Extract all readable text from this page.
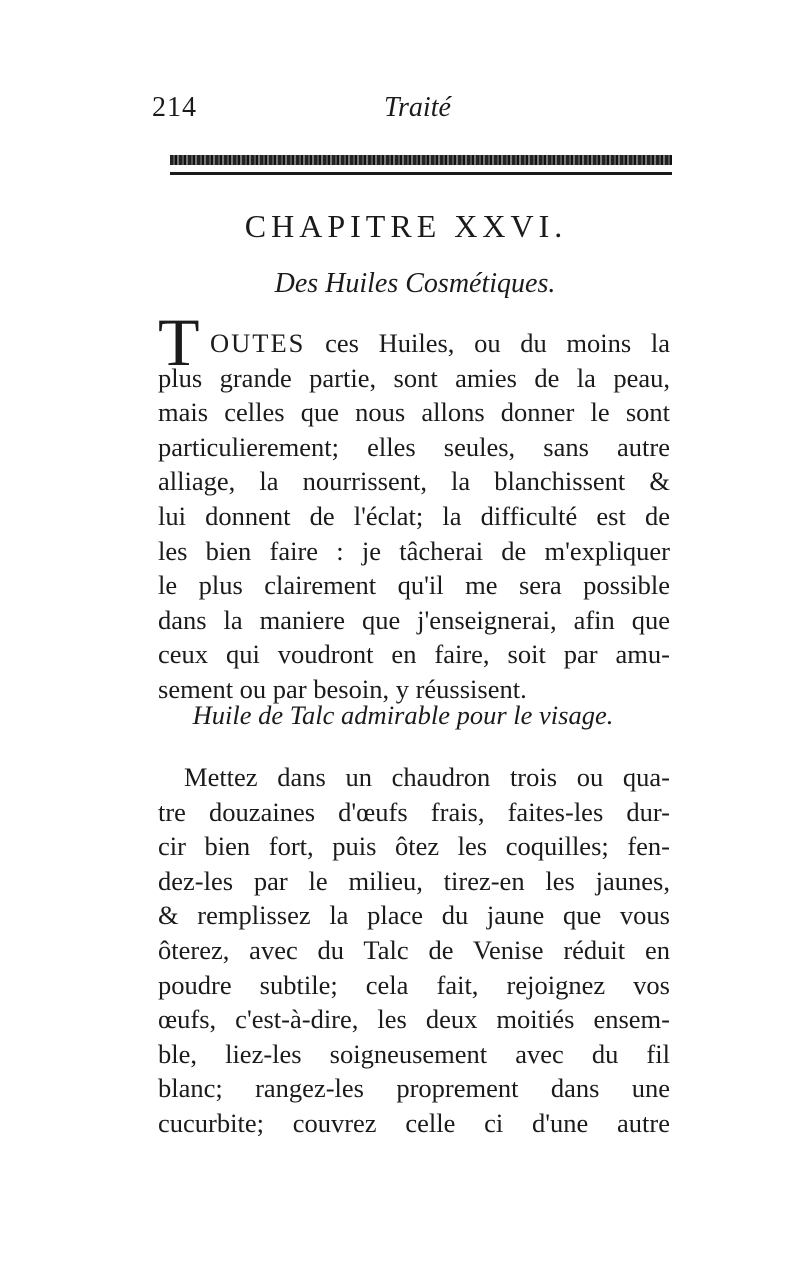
214	Traité
CHAPITRE XXVI.
Des Huiles Cosmétiques.
T OUTES ces Huiles, ou du moins la
plus grande partie, sont amies de la peau,
mais celles que nous allons donner le sont
particulierement; elles seules, sans autre
alliage, la nourrissent, la blanchissent &
lui donnent de l'éclat; la difficulté est de
les bien faire : je tâcherai de m'expliquer
le plus clairement qu'il me sera possible
dans la maniere que j'enseignerai, afin que
ceux qui voudront en faire, soit par amu-
sement ou par besoin, y réussisent.
Huile de Talc admirable pour le visage.
Mettez dans un chaudron trois ou qua-
tre douzaines d'œufs frais, faites-les dur-
cir bien fort, puis ôtez les coquilles; fen-
dez-les par le milieu, tirez-en les jaunes,
& remplissez la place du jaune que vous
ôterez, avec du Talc de Venise réduit en
poudre subtile; cela fait, rejoignez vos
œufs, c'est-à-dire, les deux moitiés ensem-
ble, liez-les soigneusement avec du fil
blanc; rangez-les proprement dans une
cucurbite; couvrez celle ci d'une autre
